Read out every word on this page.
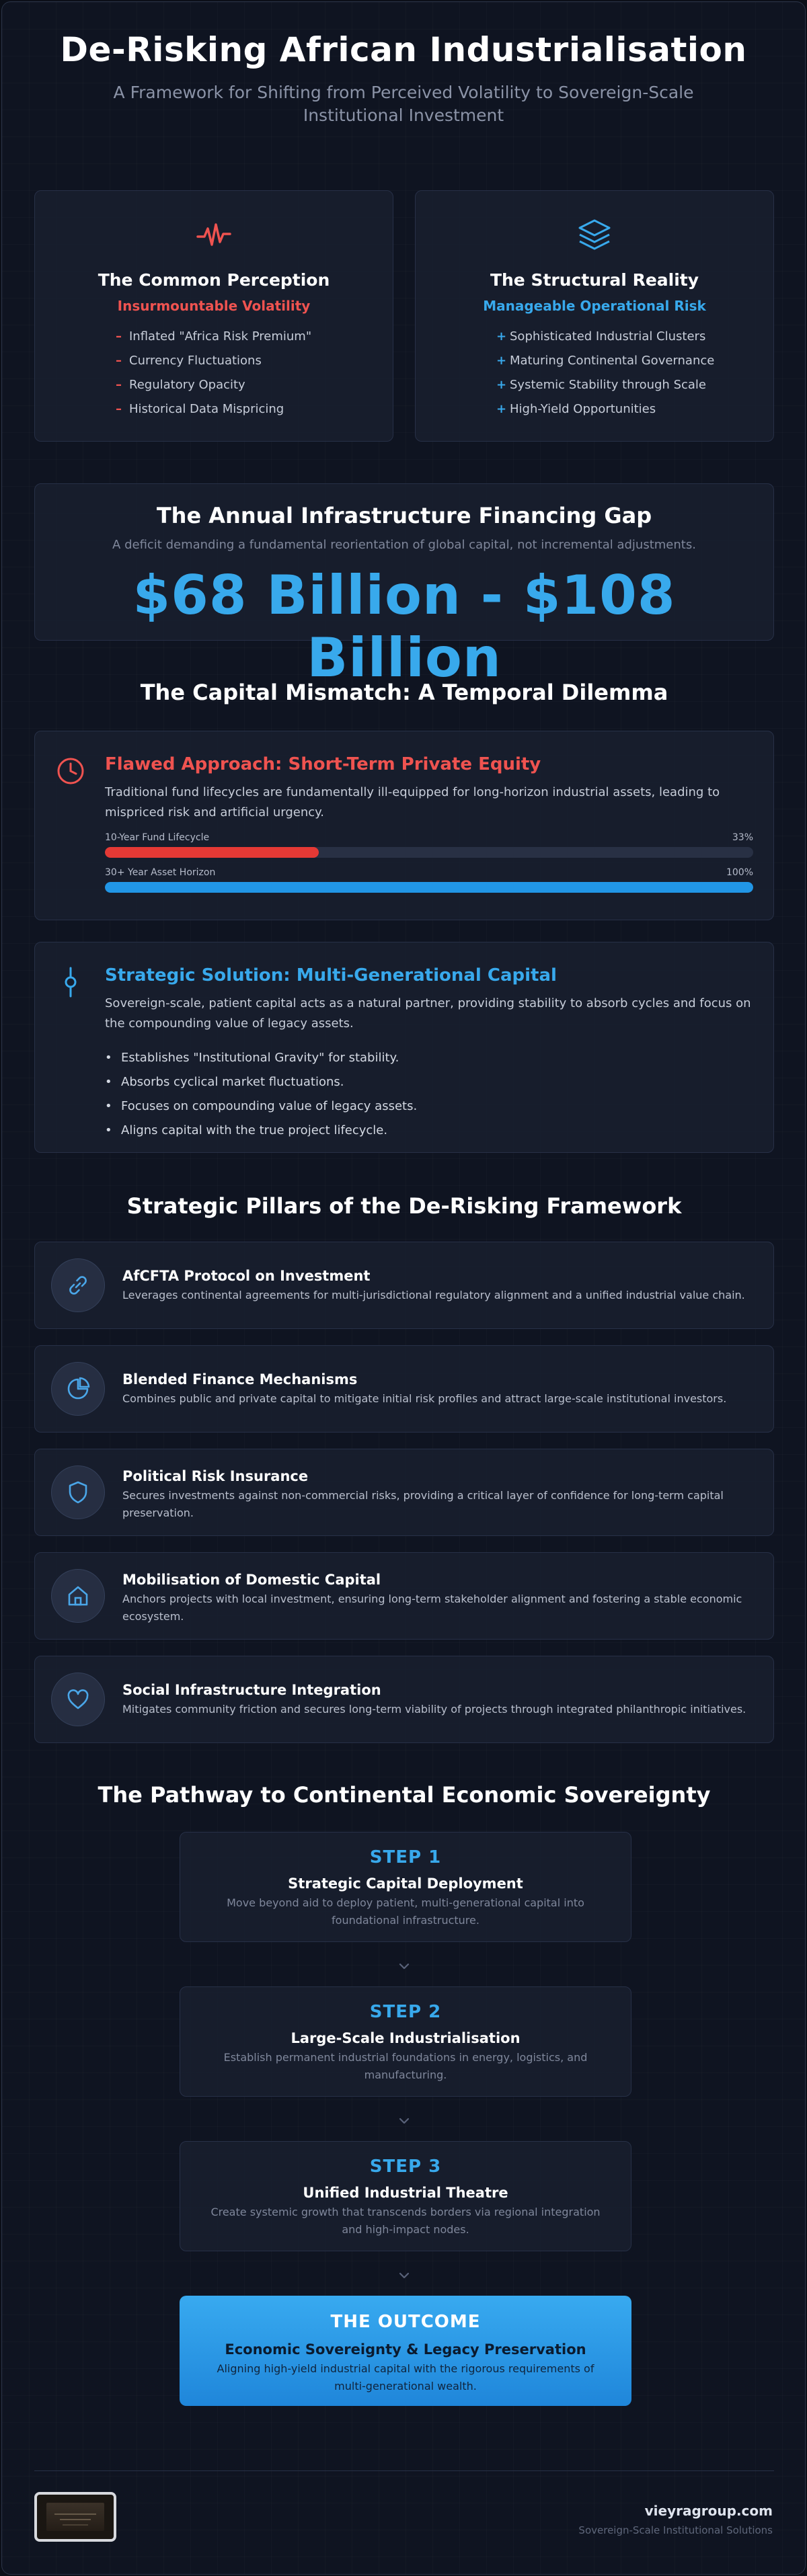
De-Risking African Industrialisation

A Framework for Shifting from Perceived Volatility to Sovereign-Scale Institutional Investment

The Common Perception
Insurmountable Volatility
– Inflated "Africa Risk Premium"
– Currency Fluctuations
– Regulatory Opacity
– Historical Data Mispricing
The Structural Reality
Manageable Operational Risk
+ Sophisticated Industrial Clusters
+ Maturing Continental Governance
+ Systemic Stability through Scale
+ High-Yield Opportunities
The Annual Infrastructure Financing Gap

A deficit demanding a fundamental reorientation of global capital, not incremental adjustments.

$68 Billion - $108 Billion
The Capital Mismatch: A Temporal Dilemma
Flawed Approach: Short-Term Private Equity

Traditional fund lifecycles are fundamentally ill-equipped for long-horizon industrial assets, leading to mispriced risk and artificial urgency.

10-Year Fund Lifecycle	33%
30+ Year Asset Horizon	100%
Strategic Solution: Multi-Generational Capital

Sovereign-scale, patient capital acts as a natural partner, providing stability to absorb cycles and focus on the compounding value of legacy assets.

• Establishes "Institutional Gravity" for stability.
• Absorbs cyclical market fluctuations.
• Focuses on compounding value of legacy assets.
• Aligns capital with the true project lifecycle.
Strategic Pillars of the De-Risking Framework
AfCFTA Protocol on Investment

Leverages continental agreements for multi-jurisdictional regulatory alignment and a unified industrial value chain.

Blended Finance Mechanisms

Combines public and private capital to mitigate initial risk profiles and attract large-scale institutional investors.

Political Risk Insurance

Secures investments against non-commercial risks, providing a critical layer of confidence for long-term capital preservation.

Mobilisation of Domestic Capital

Anchors projects with local investment, ensuring long-term stakeholder alignment and fostering a stable economic ecosystem.

Social Infrastructure Integration

Mitigates community friction and secures long-term viability of projects through integrated philanthropic initiatives.

The Pathway to Continental Economic Sovereignty
STEP 1
Strategic Capital Deployment

Move beyond aid to deploy patient, multi-generational capital into foundational infrastructure.

STEP 2
Large-Scale Industrialisation

Establish permanent industrial foundations in energy, logistics, and manufacturing.

STEP 3
Unified Industrial Theatre

Create systemic growth that transcends borders via regional integration and high-impact nodes.

THE OUTCOME
Economic Sovereignty & Legacy Preservation

Aligning high-yield industrial capital with the rigorous requirements of multi-generational wealth.

vieyragroup.com
Sovereign-Scale Institutional Solutions
